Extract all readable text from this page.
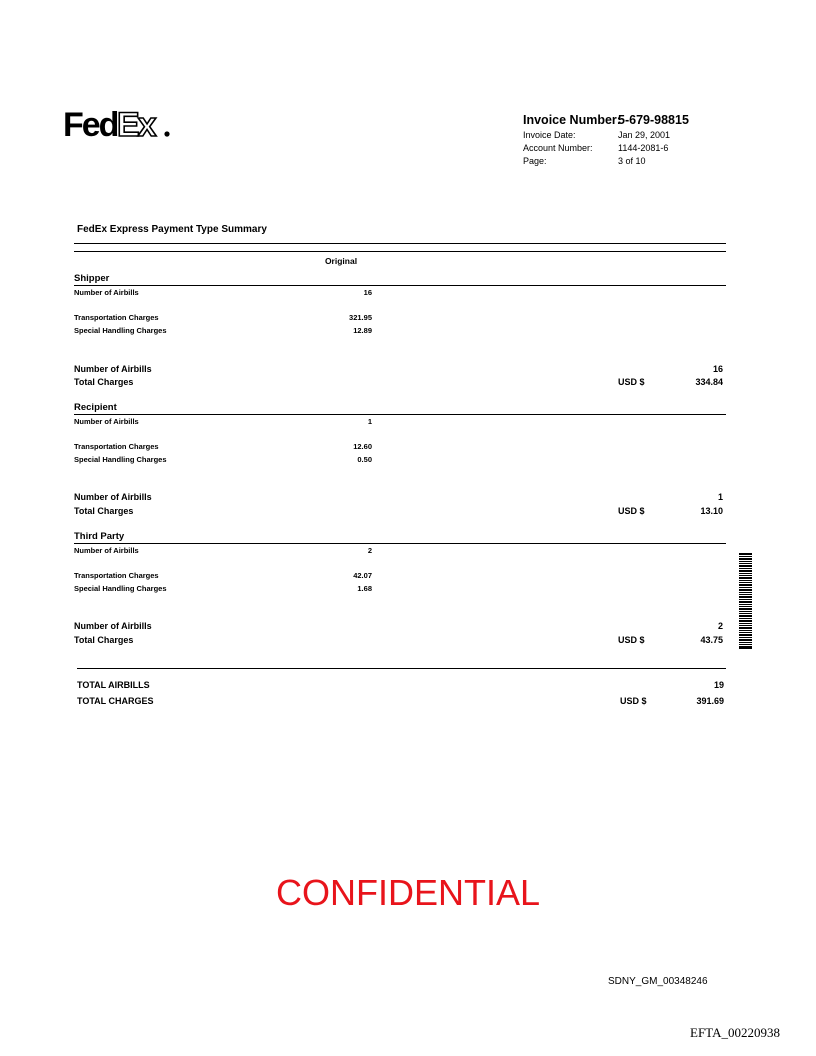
Fed Ex	Invoice Number:
5-679-98815
Invoice Date:	Jan 29, 2001
Account Number:	1144-2081-6
Page:	3 of 10
FedEx Express Payment Type Summary
Original
Shipper
Number of Airbills	16
Transportation Charges	321.95
Special Handling Charges	12.89
Number of Airbills	16
Total Charges	USD $	334.84
Recipient
Number of Airbills	1
Transportation Charges	12.60
Special Handling Charges	0.50
Number of Airbills	1
Total Charges	USD $	13.10
Third Party
Number of Airbills	2
Transportation Charges	42.07
Special Handling Charges	1.68
Number of Airbills	2
Total Charges	USD $	43.75
TOTAL AIRBILLS	19
TOTAL CHARGES	USD $	391.69
CONFIDENTIAL
SDNY_GM_00348246
EFTA_00220938
